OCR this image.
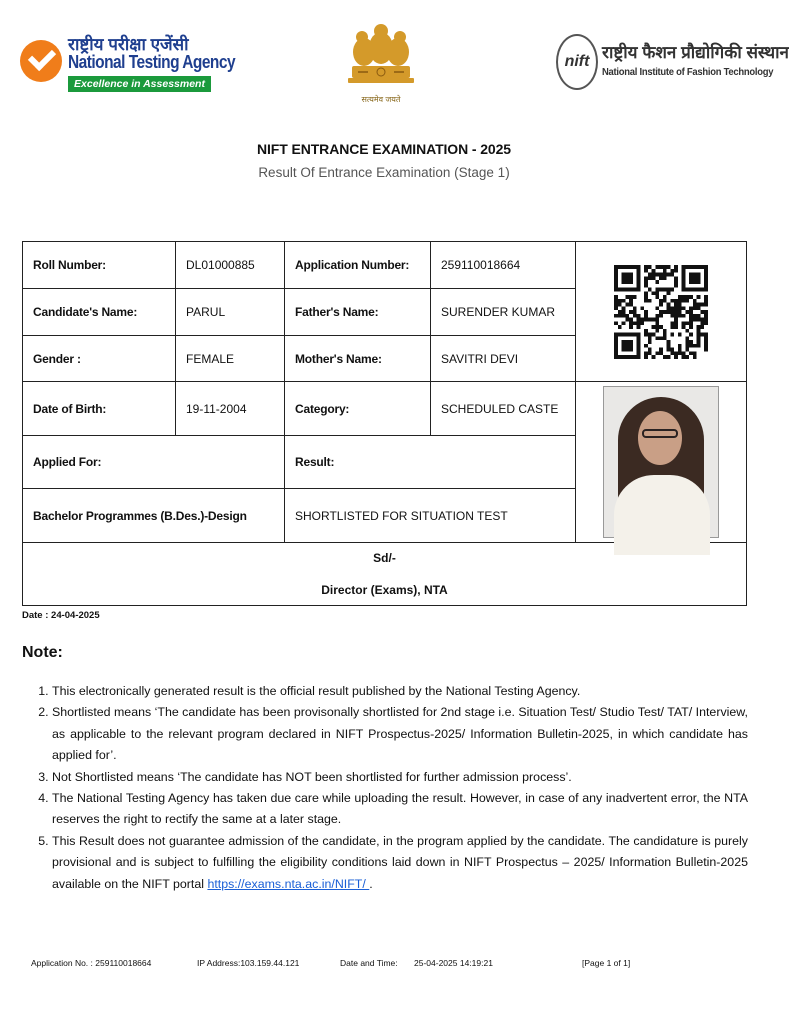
राष्ट्रीय परीक्षा एजेंसी
National Testing Agency
Excellence in Assessment
सत्यमेव जयते
nift राष्ट्रीय फैशन प्रौद्योगिकी संस्थान
National Institute of Fashion Technology
NIFT ENTRANCE EXAMINATION - 2025
Result Of Entrance Examination (Stage 1)
Roll Number:	DL01000885	Application Number:	259110018664	

Candidate's Name:	PARUL	Father's Name:	SURENDER KUMAR	
Gender :	FEMALE	Mother's Name:	SAVITRI DEVI	
Date of Birth:	19-11-2004	Category:	SCHEDULED CASTE	

Applied For:		Result:		
Bachelor Programmes (B.Des.)-Design		SHORTLISTED FOR SITUATION TEST		

Sd/-
Director (Exams), NTA				
Date : 24-04-2025
Note:
1. This electronically generated result is the official result published by the National Testing Agency.
2. Shortlisted means ‘The candidate has been provisonally shortlisted for 2nd stage i.e. Situation Test/ Studio Test/ TAT/ Interview, as applicable to the relevant program declared in NIFT Prospectus-2025/ Information Bulletin-2025, in which candidate has applied for’.
3. Not Shortlisted means ‘The candidate has NOT been shortlisted for further admission process’.
4. The National Testing Agency has taken due care while uploading the result. However, in case of any inadvertent error, the NTA reserves the right to rectify the same at a later stage.
5. This Result does not guarantee admission of the candidate, in the program applied by the candidate. The candidature is purely provisional and is subject to fulfilling the eligibility conditions laid down in NIFT Prospectus – 2025/ Information Bulletin-2025 available on the NIFT portal https://exams.nta.ac.in/NIFT/ .
Application No. : 259110018664	IP Address:103.159.44.121	Date and Time: 25-04-2025 14:19:21	[Page 1 of 1]
